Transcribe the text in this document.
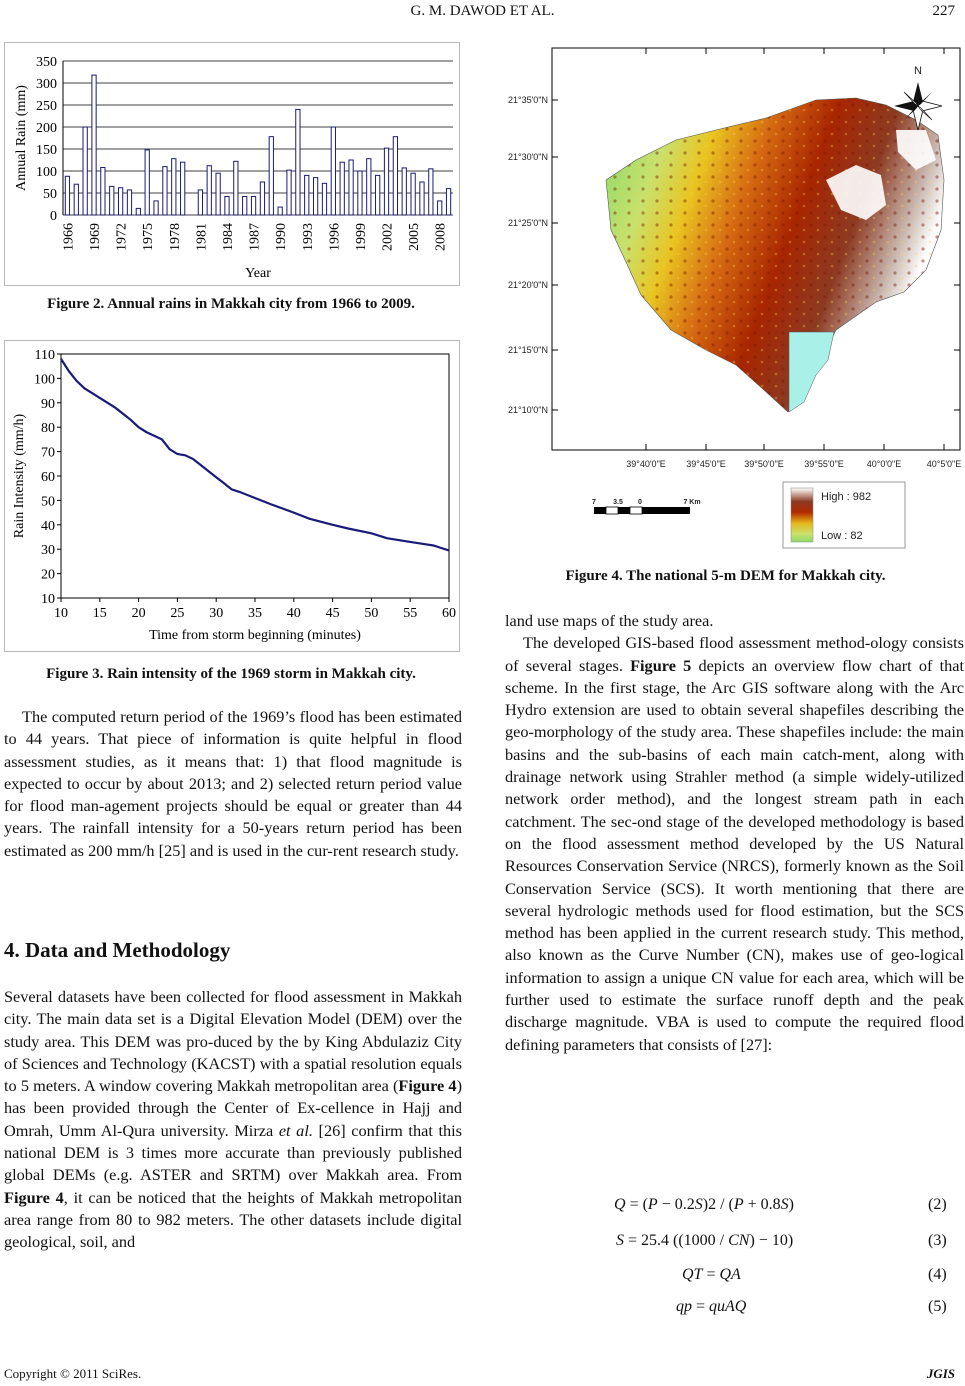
G. M. DAWOD ET AL.	227
0
50
100
150
200
250
300
350
1966 1969 1972 1975 1978 1981 1984 1987 1990 1993 1996 1999 2002 2005 2008
Year
Annual Rain (mm)
Figure 2. Annual rains in Makkah city from 1966 to 2009.
10
20
30
40
50
60
70
80
90
100
110
10 15 20 25 30 35 40 45 50 55 60
Time from storm beginning (minutes)
Rain Intensity (mm/h)
Figure 3. Rain intensity of the 1969 storm in Makkah city.

The computed return period of the 1969’s flood has been estimated to 44 years. That piece of information is quite helpful in flood assessment studies, as it means that: 1) that flood magnitude is expected to occur by about 2013; and 2) selected return period value for flood man-agement projects should be equal or greater than 44 years. The rainfall intensity for a 50-years return period has been estimated as 200 mm/h [25] and is used in the cur-rent research study.

4. Data and Methodology

Several datasets have been collected for flood assessment in Makkah city. The main data set is a Digital Elevation Model (DEM) over the study area. This DEM was pro-duced by the by King Abdulaziz City of Sciences and Technology (KACST) with a spatial resolution equals to 5 meters. A window covering Makkah metropolitan area (Figure 4) has been provided through the Center of Ex-cellence in Hajj and Omrah, Umm Al-Qura university. Mirza et al. [26] confirm that this national DEM is 3 times more accurate than previously published global DEMs (e.g. ASTER and SRTM) over Makkah area. From Figure 4, it can be noticed that the heights of Makkah metropolitan area range from 80 to 982 meters. The other datasets include digital geological, soil, and

N
21°35'0"N
21°30'0"N
21°25'0"N
21°20'0"N
21°15'0"N
21°10'0"N
39°40'0"E 39°45'0"E 39°50'0"E 39°55'0"E	40°0'0"E	40°5'0"E
7 3.5 0	7 Km	High : 982
Low : 82
Figure 4. The national 5-m DEM for Makkah city.

land use maps of the study area.

The developed GIS-based flood assessment method-ology consists of several stages. Figure 5 depicts an overview flow chart of that scheme. In the first stage, the Arc GIS software along with the Arc Hydro extension are used to obtain several shapefiles describing the geo-morphology of the study area. These shapefiles include: the main basins and the sub-basins of each main catch-ment, along with drainage network using Strahler method (a simple widely-utilized network order method), and the longest stream path in each catchment. The sec-ond stage of the developed methodology is based on the flood assessment method developed by the US Natural Resources Conservation Service (NRCS), formerly known as the Soil Conservation Service (SCS). It worth mentioning that there are several hydrologic methods used for flood estimation, but the SCS method has been applied in the current research study. This method, also known as the Curve Number (CN), makes use of geo-logical information to assign a unique CN value for each area, which will be further used to estimate the surface runoff depth and the peak discharge magnitude. VBA is used to compute the required flood defining parameters that consists of [27]:

Q = (P − 0.2S)2 / (P + 0.8S)	(2)
S = 25.4 ((1000 / CN) − 10)	(3)
QT = QA	(4)
qp = quAQ	(5)
Copyright © 2011 SciRes.	JGIS
